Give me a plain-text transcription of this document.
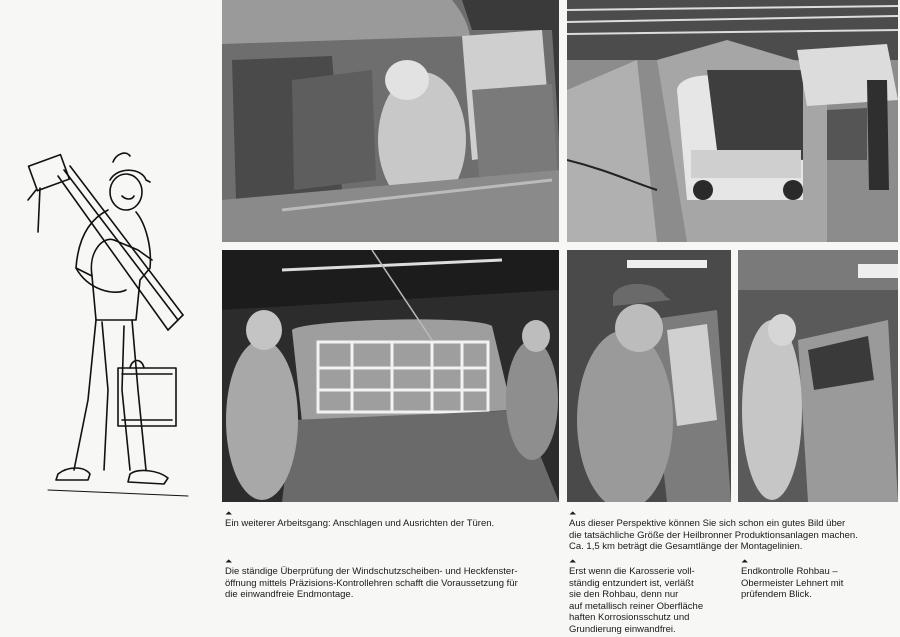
⏶
Ein weiterer Arbeitsgang: Anschlagen und Ausrichten der Türen.
⏶
Die ständige Überprüfung der Windschutzscheiben- und Heckfenster-
öffnung mittels Präzisions-Kontrollehren schafft die Voraussetzung für
die einwandfreie Endmontage.
⏶
Aus dieser Perspektive können Sie sich schon ein gutes Bild über
die tatsächliche Größe der Heilbronner Produktionsanlagen machen.
Ca. 1,5 km beträgt die Gesamtlänge der Montagelinien.
⏶
Erst wenn die Karosserie voll-
ständig entzundert ist, verläßt
sie den Rohbau, denn nur
auf metallisch reiner Oberfläche
haften Korrosionsschutz und
Grundierung einwandfrei.
⏶
Endkontrolle Rohbau –
Obermeister Lehnert mit
prüfendem Blick.
